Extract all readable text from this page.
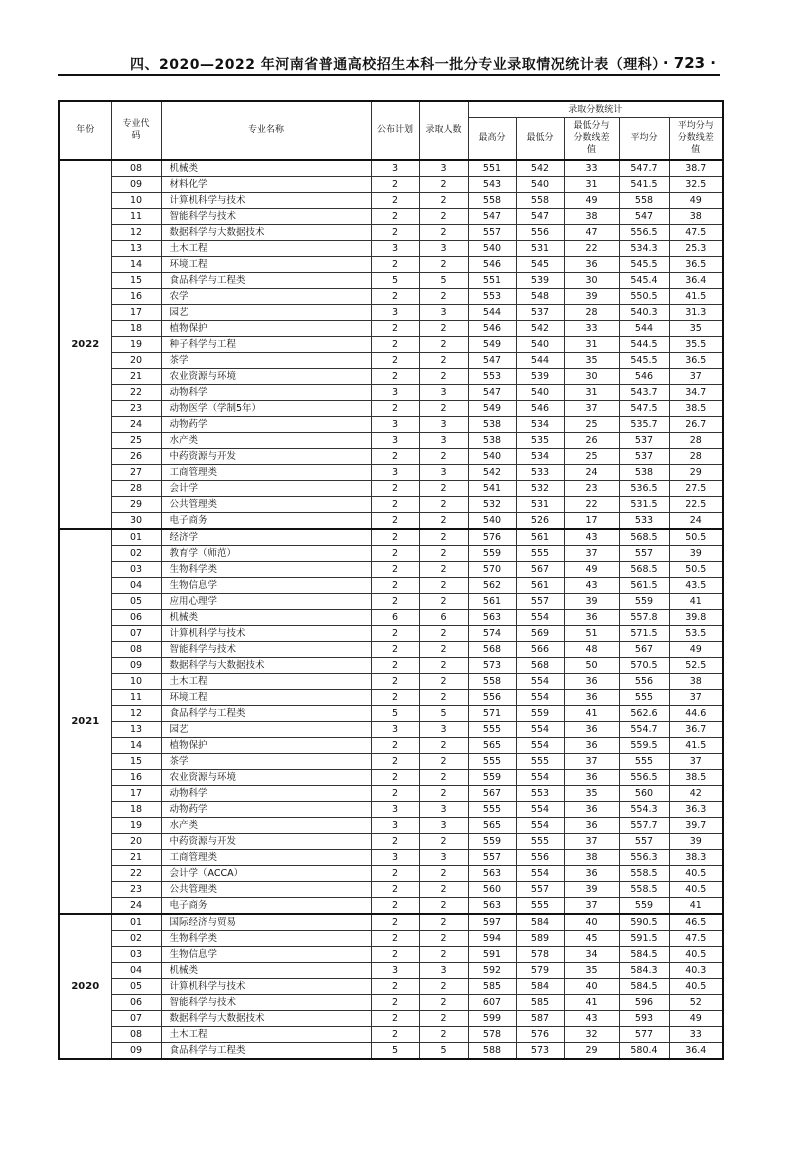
四、2020—2022 年河南省普通高校招生本科一批分专业录取情况统计表（理科）
· 723 ·
年份	专业代码	专业名称	公布计划	录取人数	录取分数统计				
					最高分	最低分	最低分与分数线差值	平均分	平均分与分数线差值
2022	08	机械类	3	3	551	542	33	547.7	38.7
	09	材料化学	2	2	543	540	31	541.5	32.5
	10	计算机科学与技术	2	2	558	558	49	558	49
	11	智能科学与技术	2	2	547	547	38	547	38
	12	数据科学与大数据技术	2	2	557	556	47	556.5	47.5
	13	土木工程	3	3	540	531	22	534.3	25.3
	14	环境工程	2	2	546	545	36	545.5	36.5
	15	食品科学与工程类	5	5	551	539	30	545.4	36.4
	16	农学	2	2	553	548	39	550.5	41.5
	17	园艺	3	3	544	537	28	540.3	31.3
	18	植物保护	2	2	546	542	33	544	35
	19	种子科学与工程	2	2	549	540	31	544.5	35.5
	20	茶学	2	2	547	544	35	545.5	36.5
	21	农业资源与环境	2	2	553	539	30	546	37
	22	动物科学	3	3	547	540	31	543.7	34.7
	23	动物医学（学制5年）	2	2	549	546	37	547.5	38.5
	24	动物药学	3	3	538	534	25	535.7	26.7
	25	水产类	3	3	538	535	26	537	28
	26	中药资源与开发	2	2	540	534	25	537	28
	27	工商管理类	3	3	542	533	24	538	29
	28	会计学	2	2	541	532	23	536.5	27.5
	29	公共管理类	2	2	532	531	22	531.5	22.5
	30	电子商务	2	2	540	526	17	533	24
2021	01	经济学	2	2	576	561	43	568.5	50.5
	02	教育学（师范）	2	2	559	555	37	557	39
	03	生物科学类	2	2	570	567	49	568.5	50.5
	04	生物信息学	2	2	562	561	43	561.5	43.5
	05	应用心理学	2	2	561	557	39	559	41
	06	机械类	6	6	563	554	36	557.8	39.8
	07	计算机科学与技术	2	2	574	569	51	571.5	53.5
	08	智能科学与技术	2	2	568	566	48	567	49
	09	数据科学与大数据技术	2	2	573	568	50	570.5	52.5
	10	土木工程	2	2	558	554	36	556	38
	11	环境工程	2	2	556	554	36	555	37
	12	食品科学与工程类	5	5	571	559	41	562.6	44.6
	13	园艺	3	3	555	554	36	554.7	36.7
	14	植物保护	2	2	565	554	36	559.5	41.5
	15	茶学	2	2	555	555	37	555	37
	16	农业资源与环境	2	2	559	554	36	556.5	38.5
	17	动物科学	2	2	567	553	35	560	42
	18	动物药学	3	3	555	554	36	554.3	36.3
	19	水产类	3	3	565	554	36	557.7	39.7
	20	中药资源与开发	2	2	559	555	37	557	39
	21	工商管理类	3	3	557	556	38	556.3	38.3
	22	会计学（ACCA）	2	2	563	554	36	558.5	40.5
	23	公共管理类	2	2	560	557	39	558.5	40.5
	24	电子商务	2	2	563	555	37	559	41
2020	01	国际经济与贸易	2	2	597	584	40	590.5	46.5
	02	生物科学类	2	2	594	589	45	591.5	47.5
	03	生物信息学	2	2	591	578	34	584.5	40.5
	04	机械类	3	3	592	579	35	584.3	40.3
	05	计算机科学与技术	2	2	585	584	40	584.5	40.5
	06	智能科学与技术	2	2	607	585	41	596	52
	07	数据科学与大数据技术	2	2	599	587	43	593	49
	08	土木工程	2	2	578	576	32	577	33
	09	食品科学与工程类	5	5	588	573	29	580.4	36.4
